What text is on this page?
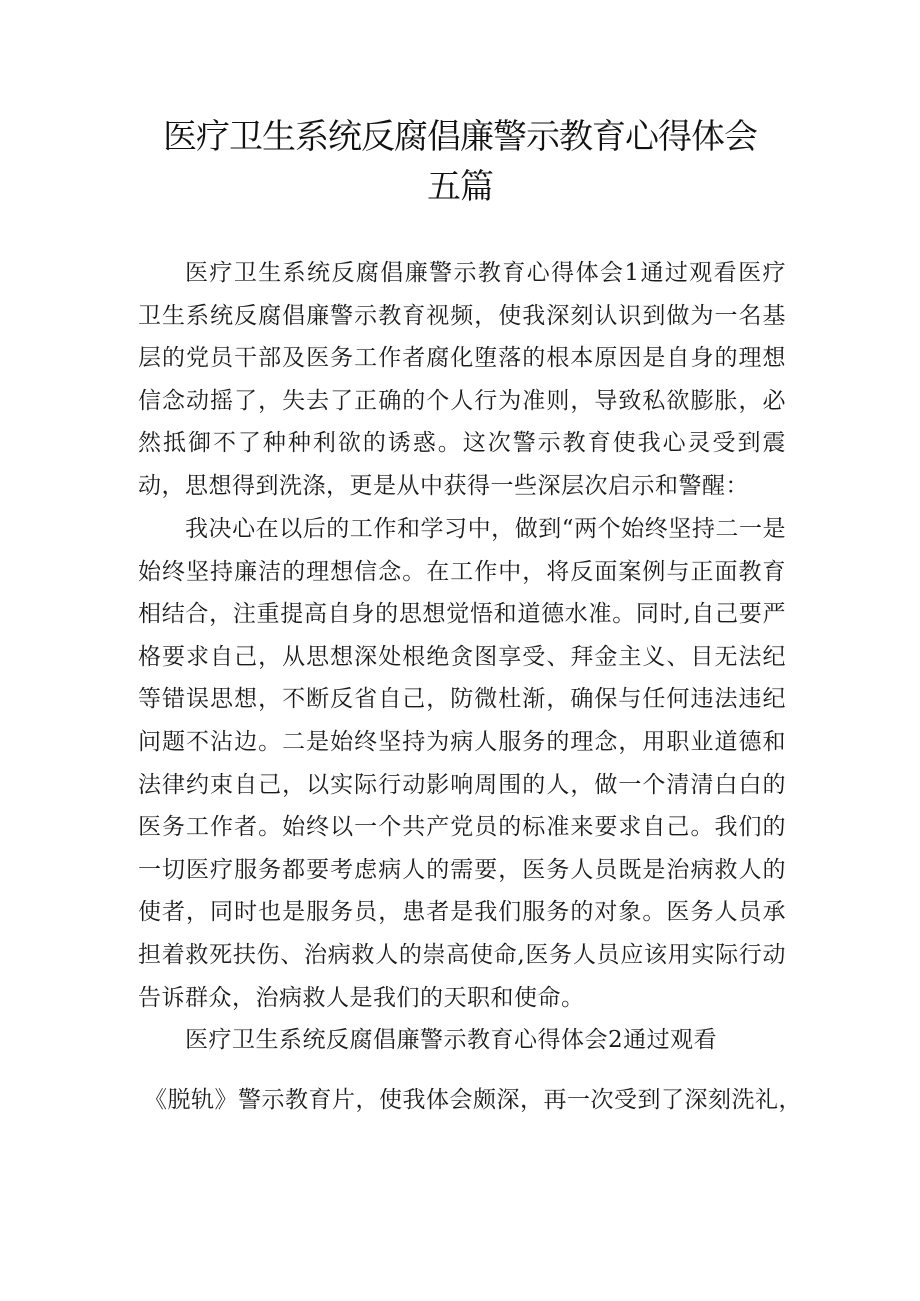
医疗卫生系统反腐倡廉警示教育心得体会
五篇

医疗卫生系统反腐倡廉警示教育心得体会1通过观看医疗卫生系统反腐倡廉警示教育视频，使我深刻认识到做为一名基层的党员干部及医务工作者腐化堕落的根本原因是自身的理想信念动摇了，失去了正确的个人行为准则，导致私欲膨胀，必然抵御不了种种利欲的诱惑。这次警示教育使我心灵受到震动，思想得到洗涤，更是从中获得一些深层次启示和警醒：

我决心在以后的工作和学习中，做到“两个始终坚持二一是始终坚持廉洁的理想信念。在工作中，将反面案例与正面教育相结合，注重提高自身的思想觉悟和道德水准。同时,自己要严格要求自己，从思想深处根绝贪图享受、拜金主义、目无法纪等错误思想，不断反省自己，防微杜渐，确保与任何违法违纪问题不沾边。二是始终坚持为病人服务的理念，用职业道德和法律约束自己，以实际行动影响周围的人，做一个清清白白的医务工作者。始终以一个共产党员的标准来要求自己。我们的一切医疗服务都要考虑病人的需要，医务人员既是治病救人的使者，同时也是服务员，患者是我们服务的对象。医务人员承担着救死扶伤、治病救人的崇高使命,医务人员应该用实际行动告诉群众，治病救人是我们的天职和使命。

医疗卫生系统反腐倡廉警示教育心得体会2通过观看

《脱轨》警示教育片，使我体会颇深，再一次受到了深刻洗礼，
